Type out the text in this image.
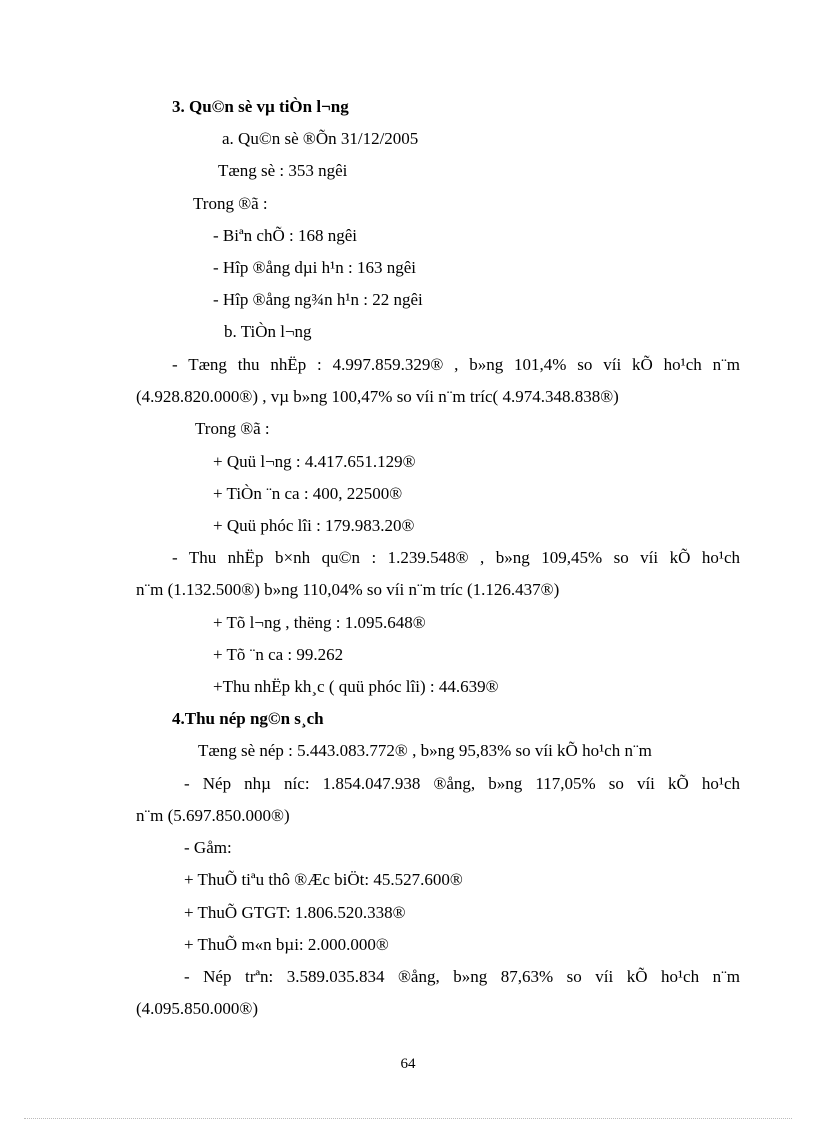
3. Qu©n sè vµ tiÒn l¬ng
a. Qu©n sè ®Õn 31/12/2005
Tæng sè : 353 ngêi
Trong ®ã :
- Biªn chÕ : 168 ngêi
- Hîp ®ång dµi h¹n : 163 ngêi
- Hîp ®ång ng¾n h¹n : 22 ngêi
b. TiÒn l¬ng
- Tæng thu nhËp : 4.997.859.329® , b»ng 101,4% so víi kÕ ho¹ch n¨m
(4.928.820.000®) , vµ b»ng 100,47% so víi n¨m tríc( 4.974.348.838®)
Trong ®ã :
+ Quü l¬ng : 4.417.651.129®
+ TiÒn ¨n ca : 400, 22500®
+ Quü phóc lîi : 179.983.20®
- Thu nhËp b×nh qu©n : 1.239.548® , b»ng 109,45% so víi kÕ ho¹ch
n¨m (1.132.500®) b»ng 110,04% so víi n¨m tríc (1.126.437®)
+ Tõ l¬ng , thëng : 1.095.648®
+ Tõ ¨n ca : 99.262
+Thu nhËp kh¸c ( quü phóc lîi) : 44.639®
4.Thu nép ng©n s¸ch
Tæng sè nép : 5.443.083.772® , b»ng 95,83% so víi kÕ ho¹ch n¨m
- Nép nhµ níc: 1.854.047.938 ®ång, b»ng 117,05% so víi kÕ ho¹ch
n¨m (5.697.850.000®)
- Gåm:
+ ThuÕ tiªu thô ®Æc biÖt: 45.527.600®
+ ThuÕ GTGT: 1.806.520.338®
+ ThuÕ m«n bµi: 2.000.000®
- Nép trªn: 3.589.035.834 ®ång, b»ng 87,63% so víi kÕ ho¹ch n¨m
(4.095.850.000®)
64
